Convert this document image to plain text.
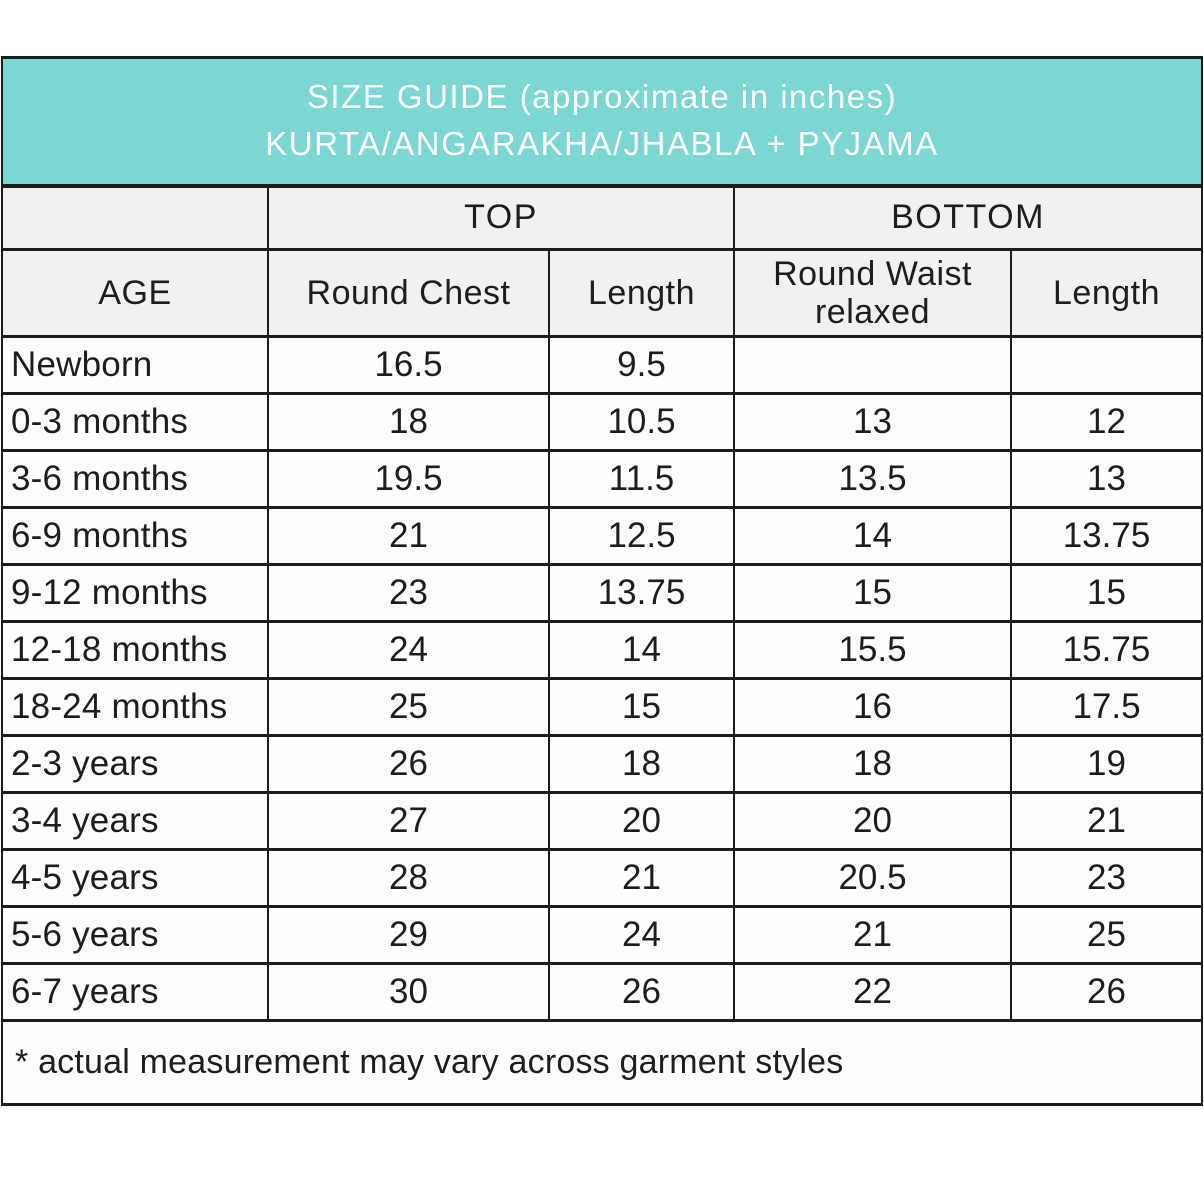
SIZE GUIDE (approximate in inches)
KURTA/ANGARAKHA/JHABLA + PYJAMA				

	TOP		BOTTOM	
AGE	Round Chest	Length	Round Waist relaxed	Length
Newborn	16.5	9.5		
0-3 months	18	10.5	13	12
3-6 months	19.5	11.5	13.5	13
6-9 months	21	12.5	14	13.75
9-12 months	23	13.75	15	15
12-18 months	24	14	15.5	15.75
18-24 months	25	15	16	17.5
2-3 years	26	18	18	19
3-4 years	27	20	20	21
4-5 years	28	21	20.5	23
5-6 years	29	24	21	25
6-7 years	30	26	22	26
* actual measurement may vary across garment styles				
